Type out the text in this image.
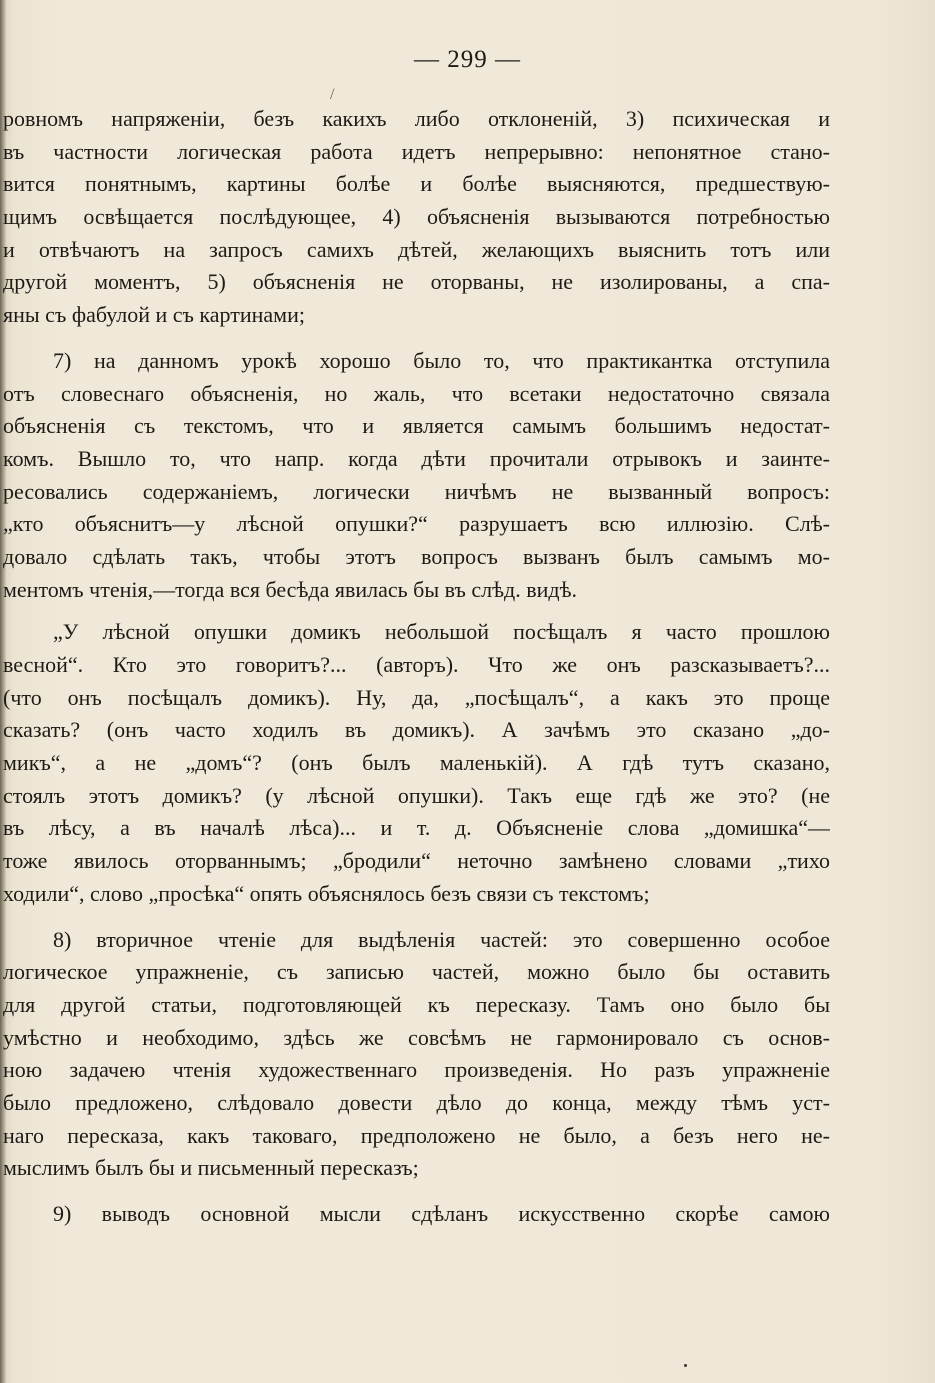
— 299 —
/
ровномъ напряженіи, безъ какихъ либо отклоненій, 3) психическая и
въ частности логическая работа идетъ непрерывно: непонятное стано-
вится понятнымъ, картины болѣе и болѣе выясняются, предшествую-
щимъ освѣщается послѣдующее, 4) объясненія вызываются потребностью
и отвѣчаютъ на запросъ самихъ дѣтей, желающихъ выяснить тотъ или
другой моментъ, 5) объясненія не оторваны, не изолированы, а спа-
яны съ фабулой и съ картинами;
7) на данномъ урокѣ хорошо было то, что практикантка отступила
отъ словеснаго объясненія, но жаль, что всетаки недостаточно связала
объясненія съ текстомъ, что и является самымъ большимъ недостат-
комъ. Вышло то, что напр. когда дѣти прочитали отрывокъ и заинте-
ресовались содержаніемъ, логически ничѣмъ не вызванный вопросъ:
„кто объяснитъ—у лѣсной опушки?“ разрушаетъ всю иллюзію. Слѣ-
довало сдѣлать такъ, чтобы этотъ вопросъ вызванъ былъ самымъ мо-
ментомъ чтенія,—тогда вся бесѣда явилась бы въ слѣд. видѣ.
„У лѣсной опушки домикъ небольшой посѣщалъ я часто прошлою
весной“. Кто это говоритъ?... (авторъ). Что же онъ разсказываетъ?...
(что онъ посѣщалъ домикъ). Ну, да, „посѣщалъ“, а какъ это проще
сказать? (онъ часто ходилъ въ домикъ). А зачѣмъ это сказано „до-
микъ“, а не „домъ“? (онъ былъ маленькій). А гдѣ тутъ сказано,
стоялъ этотъ домикъ? (у лѣсной опушки). Такъ еще гдѣ же это? (не
въ лѣсу, а въ началѣ лѣса)... и т. д. Объясненіе слова „домишка“—
тоже явилось оторваннымъ; „бродили“ неточно замѣнено словами „тихо
ходили“, слово „просѣка“ опять объяснялось безъ связи съ текстомъ;
8) вторичное чтеніе для выдѣленія частей: это совершенно особое
логическое упражненіе, съ записью частей, можно было бы оставить
для другой статьи, подготовляющей къ пересказу. Тамъ оно было бы
умѣстно и необходимо, здѣсь же совсѣмъ не гармонировало съ основ-
ною задачею чтенія художественнаго произведенія. Но разъ упражненіе
было предложено, слѣдовало довести дѣло до конца, между тѣмъ уст-
наго пересказа, какъ таковаго, предположено не было, а безъ него не-
мыслимъ былъ бы и письменный пересказъ;
9) выводъ основной мысли сдѣланъ искусственно скорѣе самою
